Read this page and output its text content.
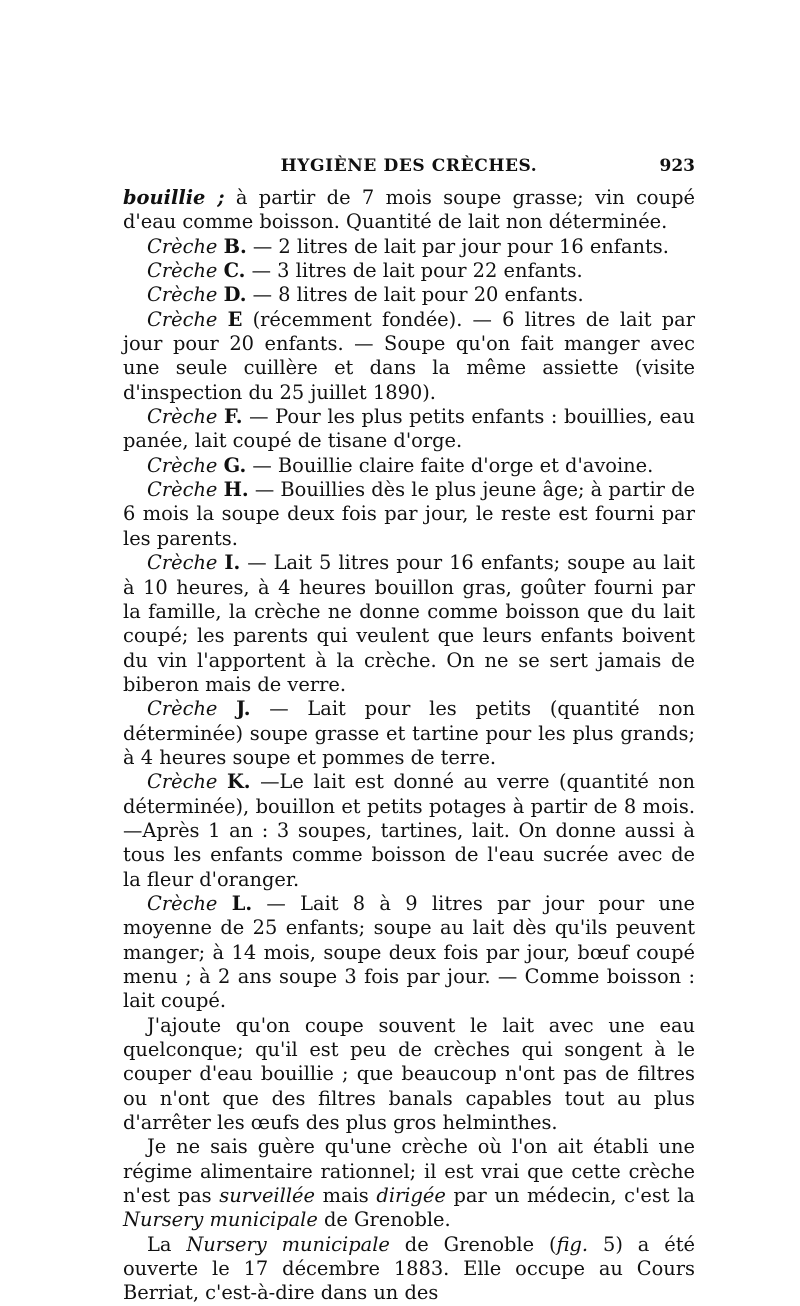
HYGIÈNE DES CRÈCHES.	923

bouillie ; à partir de 7 mois soupe grasse; vin coupé d'eau comme boisson. Quantité de lait non déterminée.

Crèche B. — 2 litres de lait par jour pour 16 enfants.

Crèche C. — 3 litres de lait pour 22 enfants.

Crèche D. — 8 litres de lait pour 20 enfants.

Crèche E (récemment fondée). — 6 litres de lait par jour pour 20 enfants. — Soupe qu'on fait manger avec une seule cuillère et dans la même assiette (visite d'inspection du 25 juillet 1890).

Crèche F. — Pour les plus petits enfants : bouillies, eau panée, lait coupé de tisane d'orge.

Crèche G. — Bouillie claire faite d'orge et d'avoine.

Crèche H. — Bouillies dès le plus jeune âge; à partir de 6 mois la soupe deux fois par jour, le reste est fourni par les parents.

Crèche I. — Lait 5 litres pour 16 enfants; soupe au lait à 10 heures, à 4 heures bouillon gras, goûter fourni par la famille, la crèche ne donne comme boisson que du lait coupé; les parents qui veulent que leurs enfants boivent du vin l'apportent à la crèche. On ne se sert jamais de biberon mais de verre.

Crèche J. — Lait pour les petits (quantité non déterminée) soupe grasse et tartine pour les plus grands; à 4 heures soupe et pommes de terre.

Crèche K. —Le lait est donné au verre (quantité non déterminée), bouillon et petits potages à partir de 8 mois.—Après 1 an : 3 soupes, tartines, lait. On donne aussi à tous les enfants comme boisson de l'eau sucrée avec de la fleur d'oranger.

Crèche L. — Lait 8 à 9 litres par jour pour une moyenne de 25 enfants; soupe au lait dès qu'ils peuvent manger; à 14 mois, soupe deux fois par jour, bœuf coupé menu ; à 2 ans soupe 3 fois par jour. — Comme boisson : lait coupé.

J'ajoute qu'on coupe souvent le lait avec une eau quelconque; qu'il est peu de crèches qui songent à le couper d'eau bouillie ; que beaucoup n'ont pas de filtres ou n'ont que des filtres banals capables tout au plus d'arrêter les œufs des plus gros helminthes.

Je ne sais guère qu'une crèche où l'on ait établi une régime alimentaire rationnel; il est vrai que cette crèche n'est pas surveillée mais dirigée par un médecin, c'est la Nursery municipale de Grenoble.

La Nursery municipale de Grenoble (fig. 5) a été ouverte le 17 décembre 1883. Elle occupe au Cours Berriat, c'est-à-dire dans un des
